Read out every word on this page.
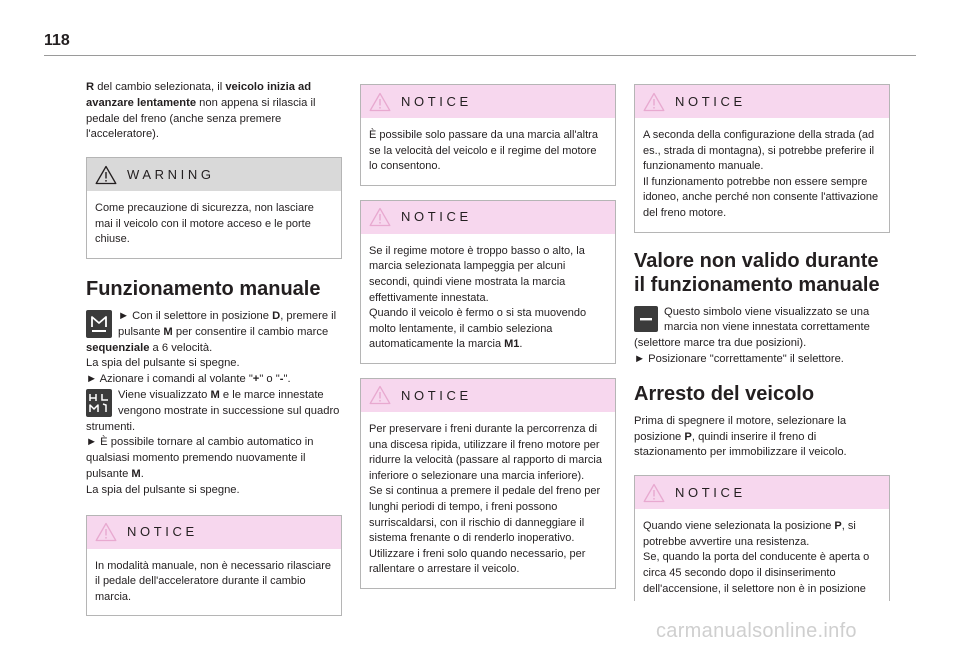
118

R del cambio selezionata, il veicolo inizia ad avanzare lentamente non appena si rilascia il pedale del freno (anche senza premere l'acceleratore).

WARNING
Come precauzione di sicurezza, non lasciare mai il veicolo con il motore acceso e le porte chiuse.
Funzionamento manuale

► Con il selettore in posizione D, premere il pulsante M per consentire il cambio marce sequenziale a 6 velocità.

La spia del pulsante si spegne.

► Azionare i comandi al volante "+" o "-".

Viene visualizzato M e le marce innestate vengono mostrate in successione sul quadro strumenti.

► È possibile tornare al cambio automatico in qualsiasi momento premendo nuovamente il pulsante M.

La spia del pulsante si spegne.

NOTICE
In modalità manuale, non è necessario rilasciare il pedale dell'acceleratore durante il cambio marcia.
NOTICE
È possibile solo passare da una marcia all'altra se la velocità del veicolo e il regime del motore lo consentono.
NOTICE

Se il regime motore è troppo basso o alto, la marcia selezionata lampeggia per alcuni secondi, quindi viene mostrata la marcia effettivamente innestata.

Quando il veicolo è fermo o si sta muovendo molto lentamente, il cambio seleziona automaticamente la marcia M1.

NOTICE

Per preservare i freni durante la percorrenza di una discesa ripida, utilizzare il freno motore per ridurre la velocità (passare al rapporto di marcia inferiore o selezionare una marcia inferiore).

Se si continua a premere il pedale del freno per lunghi periodi di tempo, i freni possono surriscaldarsi, con il rischio di danneggiare il sistema frenante o di renderlo inoperativo.

Utilizzare i freni solo quando necessario, per rallentare o arrestare il veicolo.

NOTICE

A seconda della configurazione della strada (ad es., strada di montagna), si potrebbe preferire il funzionamento manuale.

Il funzionamento potrebbe non essere sempre idoneo, anche perché non consente l'attivazione del freno motore.

Valore non valido durante il funzionamento manuale

Questo simbolo viene visualizzato se una marcia non viene innestata correttamente (selettore marce tra due posizioni).

► Posizionare "correttamente" il selettore.

Arresto del veicolo

Prima di spegnere il motore, selezionare la posizione P, quindi inserire il freno di stazionamento per immobilizzare il veicolo.

NOTICE

Quando viene selezionata la posizione P, si potrebbe avvertire una resistenza.

Se, quando la porta del conducente è aperta o circa 45 secondo dopo il disinserimento dell'accensione, il selettore non è in posizione

carmanualsonline.info
